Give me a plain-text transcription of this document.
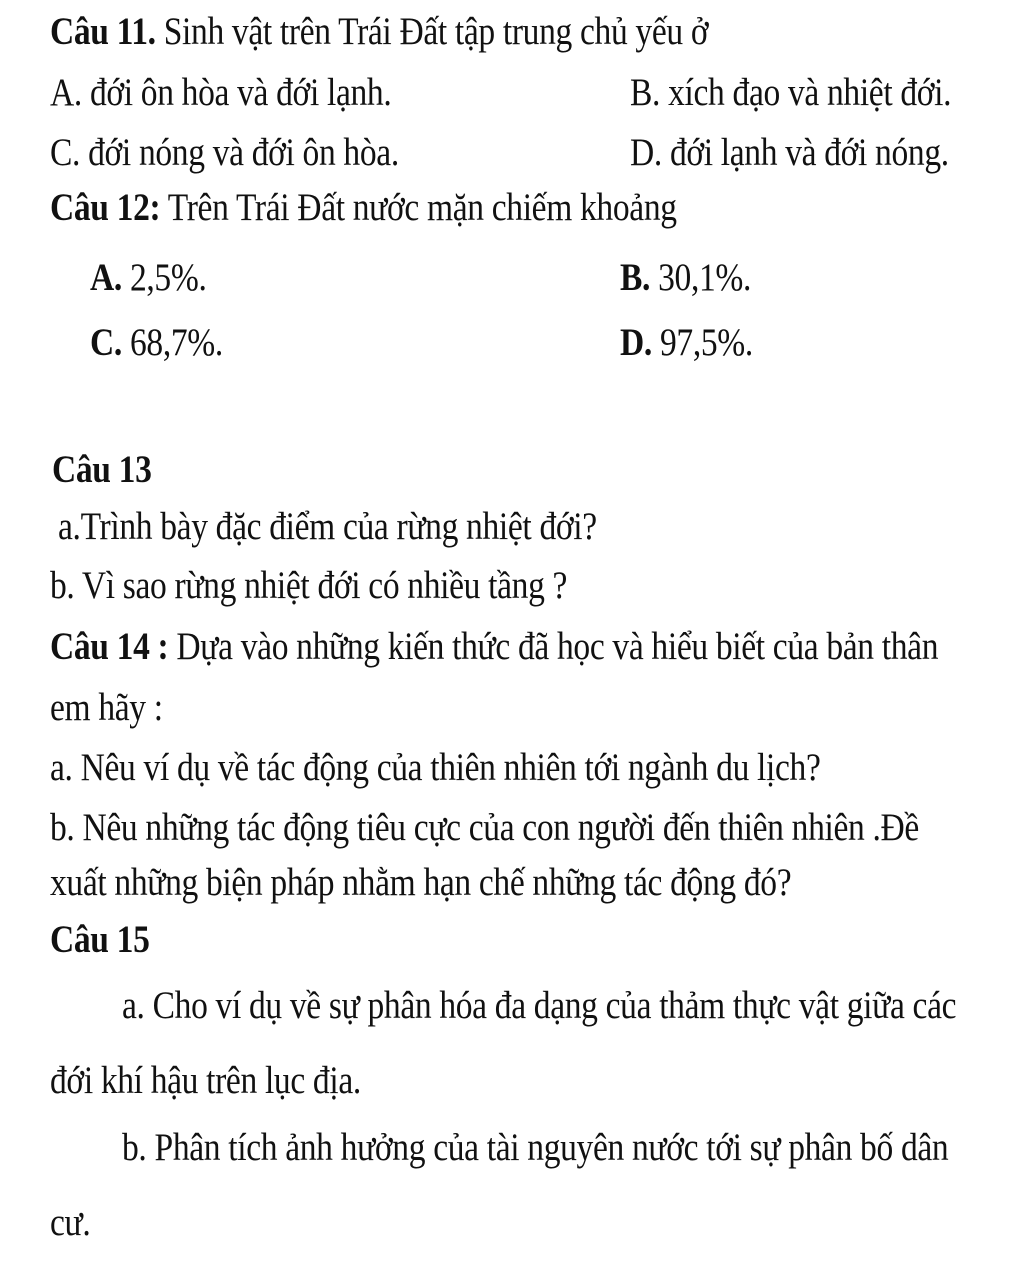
Câu 11. Sinh vật trên Trái Đất tập trung chủ yếu ở
A. đới ôn hòa và đới lạnh.	B. xích đạo và nhiệt đới.
C. đới nóng và đới ôn hòa.	D. đới lạnh và đới nóng.
Câu 12: Trên Trái Đất nước mặn chiếm khoảng
A. 2,5%.	B. 30,1%.
C. 68,7%.	D. 97,5%.
Câu 13
a.Trình bày đặc điểm của rừng nhiệt đới?
b. Vì sao rừng nhiệt đới có nhiều tầng ?
Câu 14 : Dựa vào những kiến thức đã học và hiểu biết của bản thân
em hãy :
a. Nêu ví dụ về tác động của thiên nhiên tới ngành du lịch?
b. Nêu những tác động tiêu cực của con người đến thiên nhiên .Đề
xuất những biện pháp nhằm hạn chế những tác động đó?
Câu 15
a. Cho ví dụ về sự phân hóa đa dạng của thảm thực vật giữa các
đới khí hậu trên lục địa.
b. Phân tích ảnh hưởng của tài nguyên nước tới sự phân bố dân
cư.
